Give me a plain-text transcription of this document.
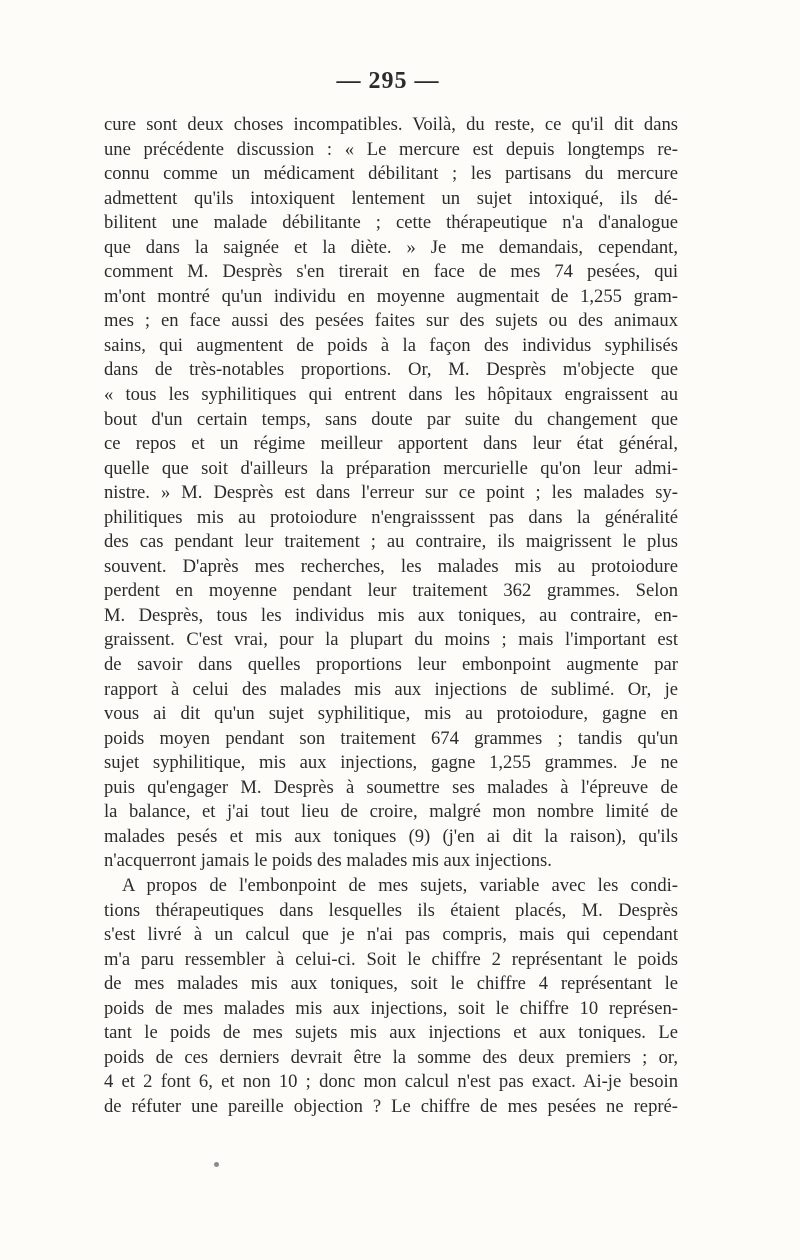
— 295 —
cure sont deux choses incompatibles. Voilà, du reste, ce qu'il dit dans
une précédente discussion : « Le mercure est depuis longtemps re-
connu comme un médicament débilitant ; les partisans du mercure
admettent qu'ils intoxiquent lentement un sujet intoxiqué, ils dé-
bilitent une malade débilitante ; cette thérapeutique n'a d'analogue
que dans la saignée et la diète. » Je me demandais, cependant,
comment M. Desprès s'en tirerait en face de mes 74 pesées, qui
m'ont montré qu'un individu en moyenne augmentait de 1,255 gram-
mes ; en face aussi des pesées faites sur des sujets ou des animaux
sains, qui augmentent de poids à la façon des individus syphilisés
dans de très-notables proportions. Or, M. Desprès m'objecte que
« tous les syphilitiques qui entrent dans les hôpitaux engraissent au
bout d'un certain temps, sans doute par suite du changement que
ce repos et un régime meilleur apportent dans leur état général,
quelle que soit d'ailleurs la préparation mercurielle qu'on leur admi-
nistre. » M. Desprès est dans l'erreur sur ce point ; les malades sy-
philitiques mis au protoiodure n'engraisssent pas dans la généralité
des cas pendant leur traitement ; au contraire, ils maigrissent le plus
souvent. D'après mes recherches, les malades mis au protoiodure
perdent en moyenne pendant leur traitement 362 grammes. Selon
M. Desprès, tous les individus mis aux toniques, au contraire, en-
graissent. C'est vrai, pour la plupart du moins ; mais l'important est
de savoir dans quelles proportions leur embonpoint augmente par
rapport à celui des malades mis aux injections de sublimé. Or, je
vous ai dit qu'un sujet syphilitique, mis au protoiodure, gagne en
poids moyen pendant son traitement 674 grammes ; tandis qu'un
sujet syphilitique, mis aux injections, gagne 1,255 grammes. Je ne
puis qu'engager M. Desprès à soumettre ses malades à l'épreuve de
la balance, et j'ai tout lieu de croire, malgré mon nombre limité de
malades pesés et mis aux toniques (9) (j'en ai dit la raison), qu'ils
n'acquerront jamais le poids des malades mis aux injections.
A propos de l'embonpoint de mes sujets, variable avec les condi-
tions thérapeutiques dans lesquelles ils étaient placés, M. Desprès
s'est livré à un calcul que je n'ai pas compris, mais qui cependant
m'a paru ressembler à celui-ci. Soit le chiffre 2 représentant le poids
de mes malades mis aux toniques, soit le chiffre 4 représentant le
poids de mes malades mis aux injections, soit le chiffre 10 représen-
tant le poids de mes sujets mis aux injections et aux toniques. Le
poids de ces derniers devrait être la somme des deux premiers ; or,
4 et 2 font 6, et non 10 ; donc mon calcul n'est pas exact. Ai-je besoin
de réfuter une pareille objection ? Le chiffre de mes pesées ne repré-
